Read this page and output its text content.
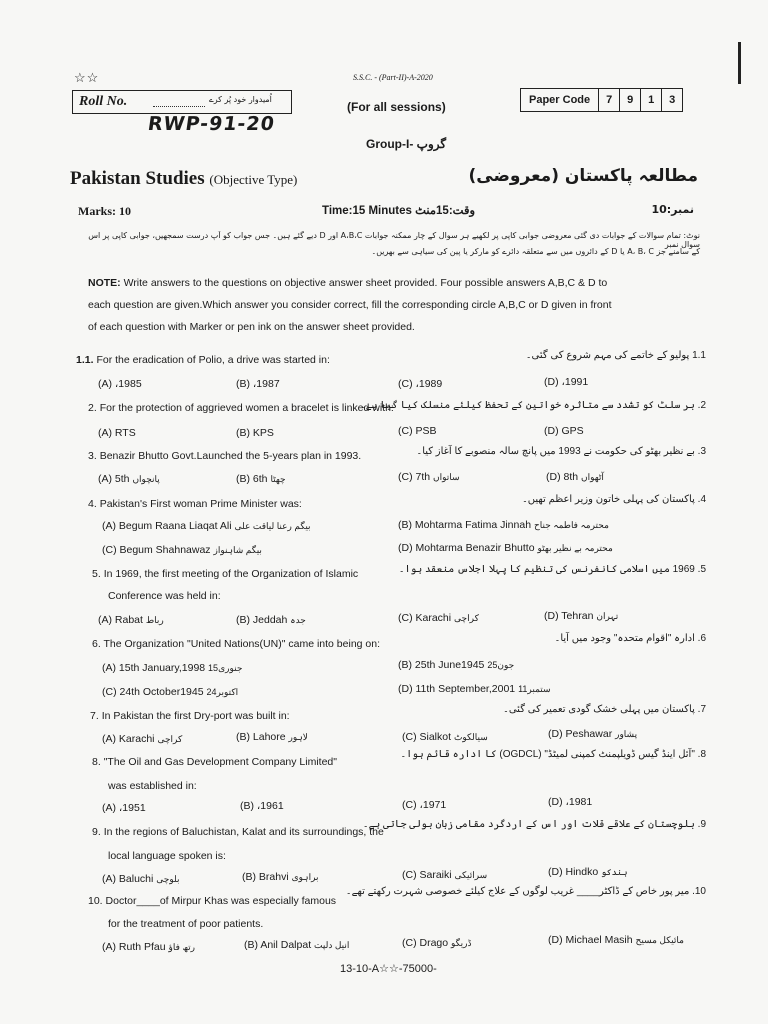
☆☆	S.S.C. - (Part-II)-A-2020
Roll No.	اُمیدوار خود پُر کرے
RWP-91-20
(For all sessions)	Paper Code	7	9	1	3
Group-I- گروپ
Pakistan Studies (Objective Type)	مطالعہ پاکستان (معروضی)
Marks: 10	Time:15 Minutes وقت:15منٹ	نمبر:10
نوٹ: تمام سوالات کے جوابات دی گئی معروضی جوابی کاپی پر لکھیے ہر سوال کے چار ممکنہ جوابات A،B،C اور D دیے گئے ہیں۔ جس جواب کو آپ درست سمجھیں، جوابی کاپی پر اس سوال نمبر
کے سامنے جز A، B، C یا D کے دائروں میں سے متعلقہ دائرے کو مارکر یا پین کی سیاہی سے بھریں۔
NOTE: Write answers to the questions on objective answer sheet provided. Four possible answers A,B,C & D to
each question are given.Which answer you consider correct, fill the corresponding circle A,B,C or D given in front
of each question with Marker or pen ink on the answer sheet provided.
1.1. For the eradication of Polio, a drive was started in:	1.1 پولیو کے خاتمے کی مہم شروع کی گئی۔
(A) ،1985	(B) ،1987	(C) ،1989	(D) ،1991
2. For the protection of aggrieved women a bracelet is linked with:
2. بر سلٹ کو تشدد سے متاثرہ خواتین کے تحفظ کیلئے منسلک کیا گیا ہے۔
(A) RTS	(B) KPS	(C) PSB	(D) GPS
3. Benazir Bhutto Govt.Launched the 5-years plan in 1993.	3. بے نظیر بھٹو کی حکومت نے 1993 میں پانچ سالہ منصوبے کا آغاز کیا۔
(A) 5th پانچواں	(B) 6th چھٹا	(C) 7th ساتواں	(D) 8th آٹھواں
4. Pakistan's First woman Prime Minister was:	4. پاکستان کی پہلی خاتون وزیر اعظم تھیں۔
(A) Begum Raana Liaqat Ali بیگم رعنا لیاقت علی	(B) Mohtarma Fatima Jinnah محترمہ فاطمہ جناح
(C) Begum Shahnawaz بیگم شاہنواز	(D) Mohtarma Benazir Bhutto محترمہ بے نظیر بھٹو
5. In 1969, the first meeting of the Organization of Islamic
Conference was held in:
5. 1969 میں اسلامی کانفرنس کی تنظیم کا پہلا اجلاس منعقد ہوا۔
(A) Rabat رباط	(B) Jeddah جدہ	(C) Karachi کراچی	(D) Tehran تہران
6. The Organization "United Nations(UN)" came into being on:	6. ادارہ "اقوام متحدہ" وجود میں آیا۔
(A) 15th January,1998 15جنوری	(B) 25th June1945 25جون
(C) 24th October1945 24اکتوبر	(D) 11th September,2001 11ستمبر
7. In Pakistan the first Dry-port was built in:
7. پاکستان میں پہلی خشک گودی تعمیر کی گئی۔
(A) Karachi کراچی	(B) Lahore لاہور	(C) Sialkot سیالکوٹ	(D) Peshawar پشاور
8. "The Oil and Gas Development Company Limited"
was established in:
8. "آئل اینڈ گیس ڈویلپمنٹ کمپنی لمیٹڈ" (OGDCL) کا ادارہ قائم ہوا۔
(A) ،1951	(B) ،1961	(C) ،1971	(D) ،1981
9. In the regions of Baluchistan, Kalat and its surroundings, the
local language spoken is:
9. بلوچستان کے علاقے قلات اور اس کے اردگرد مقامی زبان بولی جاتی ہے۔
(A) Baluchi بلوچی	(B) Brahvi براہوی	(C) Saraiki سرائیکی	(D) Hindko ہندکو
10. Doctor____of Mirpur Khas was especially famous
for the treatment of poor patients.
10. میر پور خاص کے ڈاکٹر____ غریب لوگوں کے علاج کیلئے خصوصی شہرت رکھتے تھے۔
(A) Ruth Pfau رتھ فاؤ	(B) Anil Dalpat انیل دلپت	(C) Drago ڈریگو	(D) Michael Masih مائیکل مسیح
13-10-A☆☆-75000-
